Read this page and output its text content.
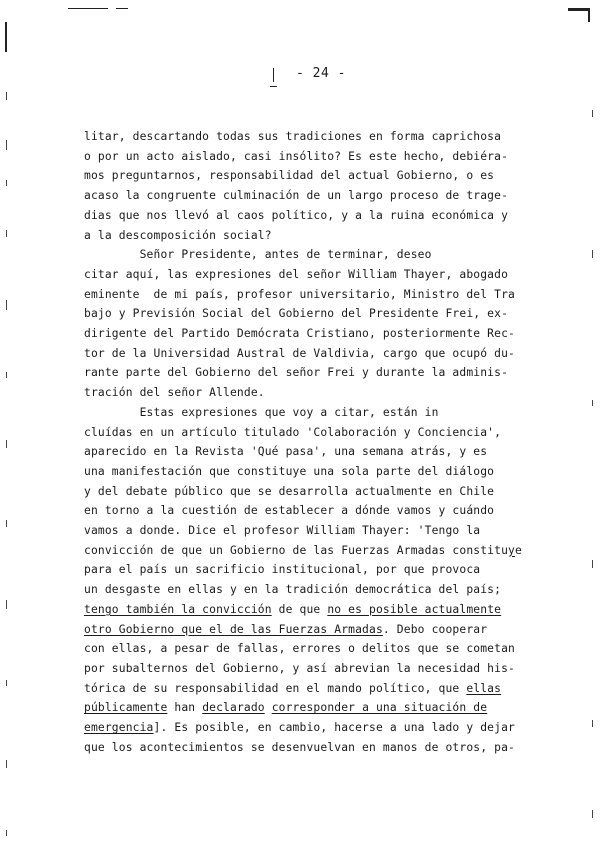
- 24 -
litar, descartando todas sus tradiciones en forma caprichosa
o por un acto aislado, casi insólito? Es este hecho, debiéra-
mos preguntarnos, responsabilidad del actual Gobierno, o es
acaso la congruente culminación de un largo proceso de trage-
dias que nos llevó al caos político, y a la ruina económica y
a la descomposición social?
Señor Presidente, antes de terminar, deseo
citar aquí, las expresiones del señor William Thayer, abogado
eminente  de mi país, profesor universitario, Ministro del Tra
bajo y Previsión Social del Gobierno del Presidente Frei, ex-
dirigente del Partido Demócrata Cristiano, posteriormente Rec-
tor de la Universidad Austral de Valdivia, cargo que ocupó du-
rante parte del Gobierno del señor Frei y durante la adminis-
tración del señor Allende.
Estas expresiones que voy a citar, están in
cluídas en un artículo titulado 'Colaboración y Conciencia',
aparecido en la Revista 'Qué pasa', una semana atrás, y es
una manifestación que constituye una sola parte del diálogo
y del debate público que se desarrolla actualmente en Chile
en torno a la cuestión de establecer a dónde vamos y cuándo
vamos a donde. Dice el profesor William Thayer: 'Tengo la
convicción de que un Gobierno de las Fuerzas Armadas constituye
para el país un sacrificio institucional, por que provoca
un desgaste en ellas y en la tradición democrática del país;
tengo también la convicción de que no es posible actualmente
otro Gobierno que el de las Fuerzas Armadas. Debo cooperar
con ellas, a pesar de fallas, errores o delitos que se cometan
por subalternos del Gobierno, y así abrevian la necesidad his-
tórica de su responsabilidad en el mando político, que ellas
públicamente han declarado corresponder a una situación de
emergencia]. Es posible, en cambio, hacerse a una lado y dejar
que los acontecimientos se desenvuelvan en manos de otros, pa-
